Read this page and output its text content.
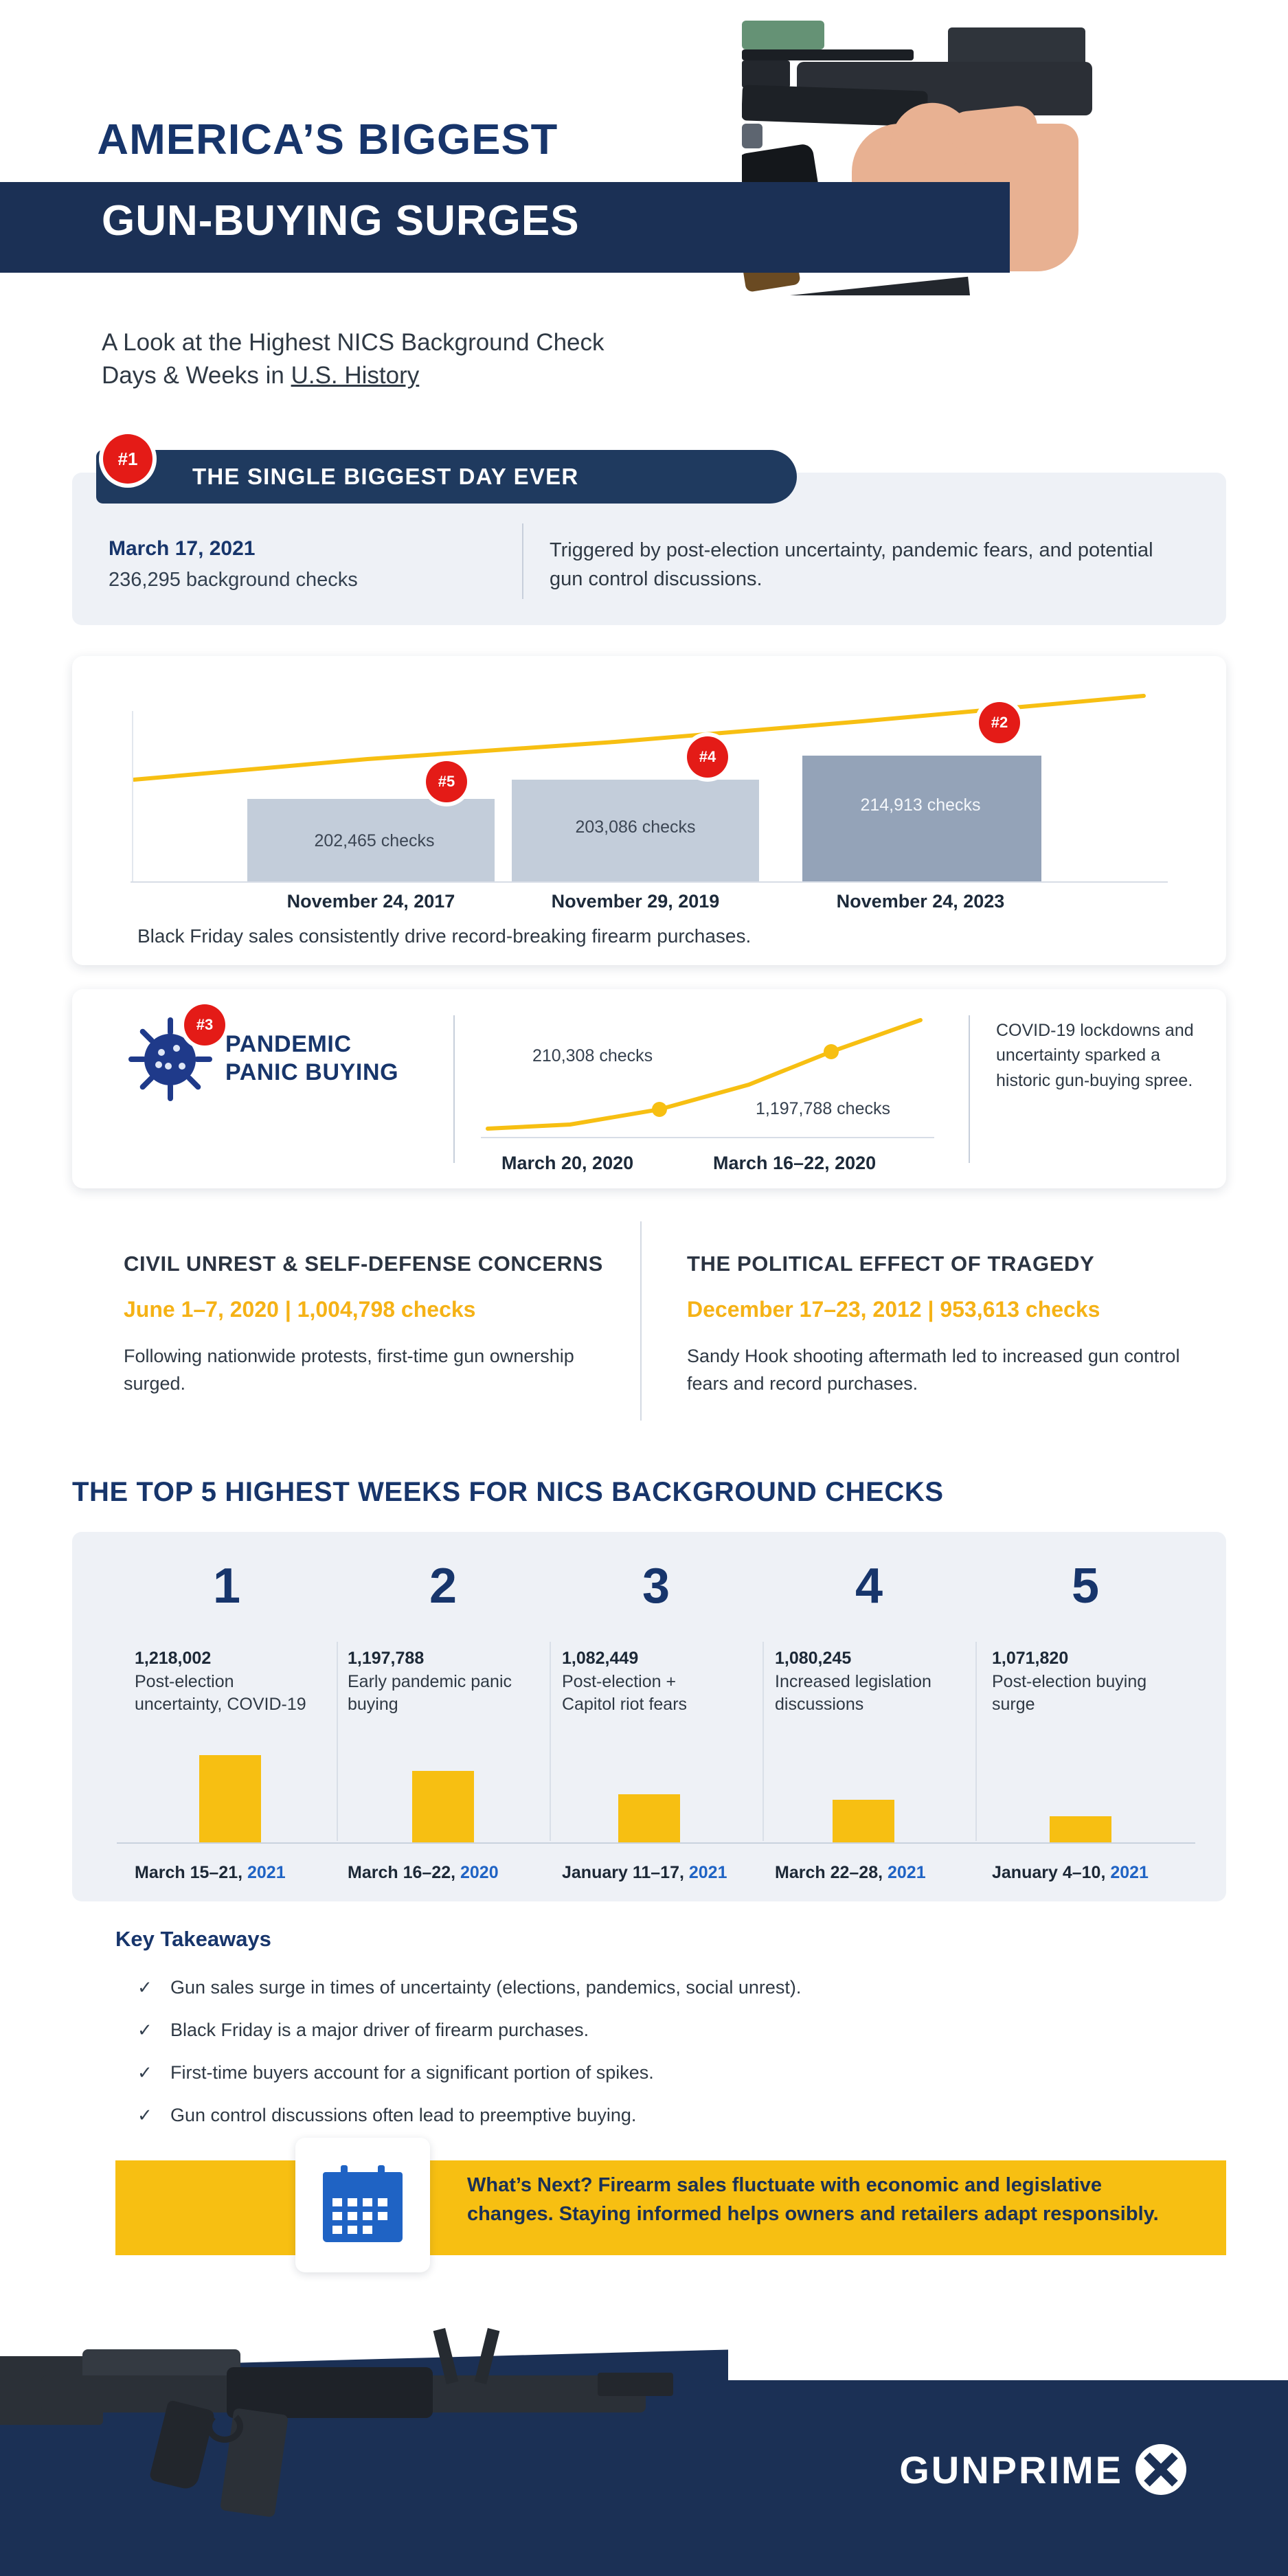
AMERICA’S BIGGEST
GUN-BUYING SURGES
A Look at the Highest NICS Background Check
Days & Weeks in U.S. History
THE SINGLE BIGGEST DAY EVER
#1
March 17, 2021
236,295 background checks
Triggered by post-election uncertainty, pandemic fears, and potential gun control discussions.
202,465 checks
#5
November 24, 2017
203,086 checks
#4
November 29, 2019
214,913 checks
#2
November 24, 2023
Black Friday sales consistently drive record-breaking firearm purchases.
#3
PANDEMIC
PANIC BUYING
210,308 checks
March 20, 2020
1,197,788 checks
March 16–22, 2020
COVID-19 lockdowns and uncertainty sparked a historic gun-buying spree.
CIVIL UNREST & SELF-DEFENSE CONCERNS
June 1–7, 2020 | 1,004,798 checks
Following nationwide protests, first-time gun ownership surged.
THE POLITICAL EFFECT OF TRAGEDY
December 17–23, 2012 | 953,613 checks
Sandy Hook shooting aftermath led to increased gun control fears and record purchases.
THE TOP 5 HIGHEST WEEKS FOR NICS BACKGROUND CHECKS
1
1,218,002
Post-election uncertainty, COVID-19
March 15–21, 2021
2
1,197,788
Early pandemic panic buying
March 16–22, 2020
3
1,082,449
Post-election + Capitol riot fears
January 11–17, 2021
4
1,080,245
Increased legislation discussions
March 22–28, 2021
5
1,071,820
Post-election buying surge
January 4–10, 2021
Key Takeaways
✓ Gun sales surge in times of uncertainty (elections, pandemics, social unrest).
✓ Black Friday is a major driver of firearm purchases.
✓ First-time buyers account for a significant portion of spikes.
✓ Gun control discussions often lead to preemptive buying.
What’s Next? Firearm sales fluctuate with economic and legislative changes. Staying informed helps owners and retailers adapt responsibly.
GUNPRIME
